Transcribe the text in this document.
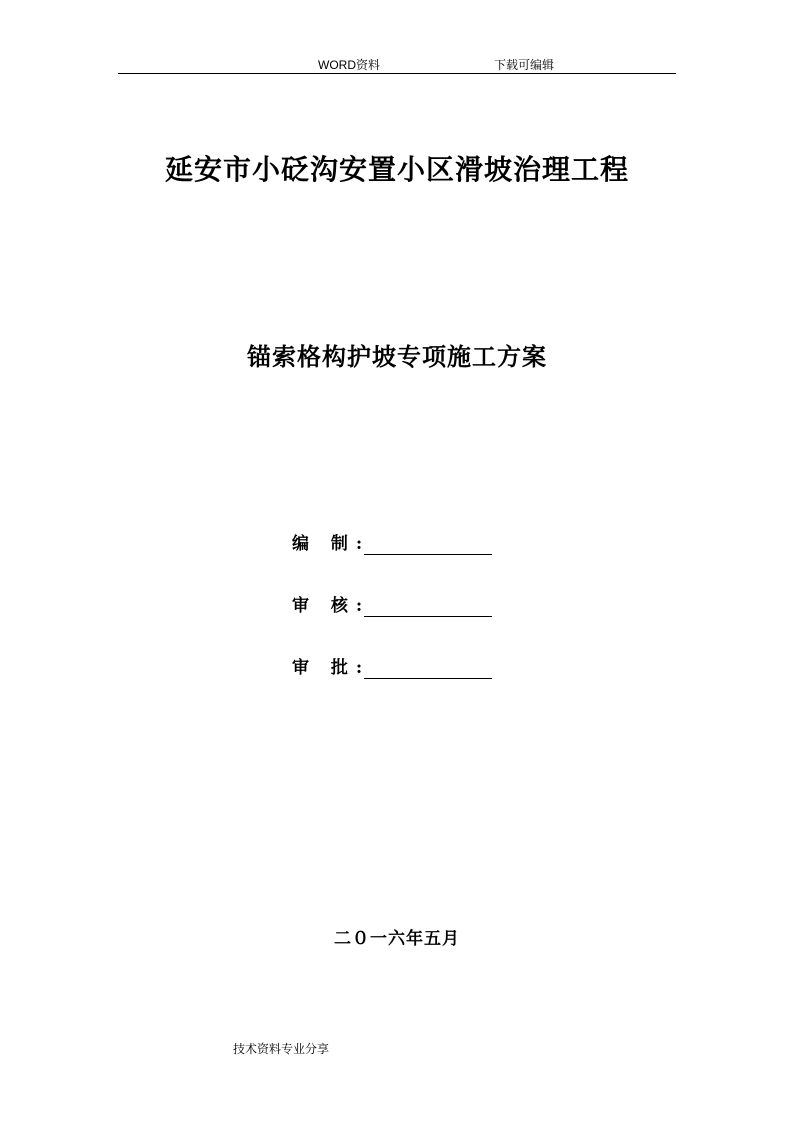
WORD资料	下载可编辑
延安市小砭沟安置小区滑坡治理工程
锚索格构护坡专项施工方案
编 制:
审 核:
审 批:
二０一六年五月
技术资料专业分享
